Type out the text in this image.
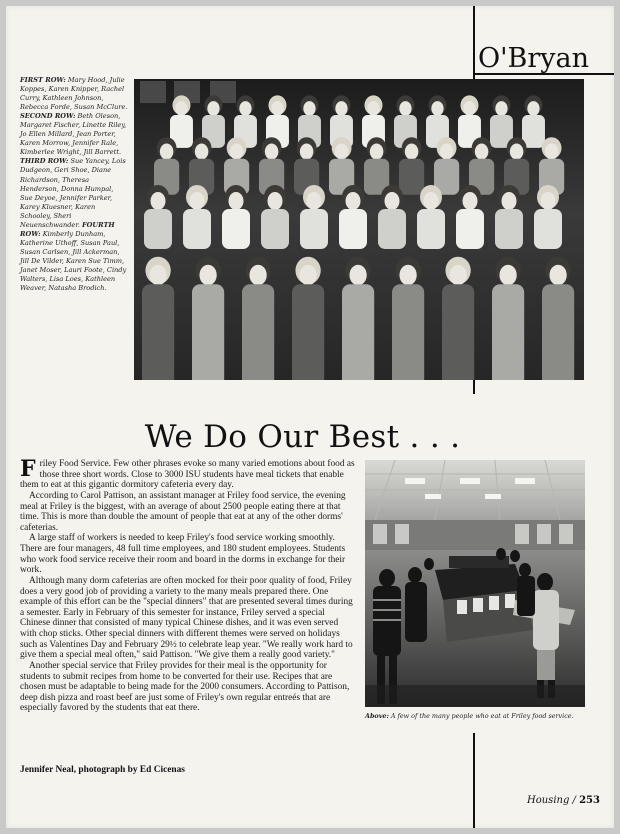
O'Bryan
FIRST ROW: Mary Hood, Julie Koppes, Karen Knipper, Rachel Curry, Kathleen Johnson, Rebecca Forde, Susan McClure. SECOND ROW: Beth Oleson, Margaret Fischer, Linette Riley, Jo Ellen Millard, Jean Porter, Karen Morrow, Jennifer Rale, Kimberlee Wright, Jill Barrett. THIRD ROW: Sue Yancey, Lois Dudgeon, Geri Shoe, Diane Richardson, Theresa Henderson, Donna Humpal, Sue Deyoe, Jennifer Parker, Karey Kluesner, Karen Schooley, Sheri Neuenschwander. FOURTH ROW: Kimberly Dunham, Katherine Uthoff, Susan Paul, Susan Carlsen, Jill Ackerman, Jill De Vilder, Karen Sue Timm, Janet Moser, Lauri Foote, Cindy Walters, Lisa Loes, Kathleen Weaver, Natasha Brodich.
We Do Our Best . . .

Friley Food Service. Few other phrases evoke so many varied emotions about food as those three short words. Close to 3000 ISU students have meal tickets that enable them to eat at this gigantic dormitory cafeteria every day.

According to Carol Pattison, an assistant manager at Friley food service, the evening meal at Friley is the biggest, with an average of about 2500 people eating there at that time. This is more than double the amount of people that eat at any of the other dorms' cafeterias.

A large staff of workers is needed to keep Friley's food service working smoothly. There are four managers, 48 full time employees, and 180 student employees. Students who work food service receive their room and board in the dorms in exchange for their work.

Although many dorm cafeterias are often mocked for their poor quality of food, Friley does a very good job of providing a variety to the many meals prepared there. One example of this effort can be the "special dinners" that are presented several times during a semester. Early in February of this semester for instance, Friley served a special Chinese dinner that consisted of many typical Chinese dishes, and it was even served with chop sticks. Other special dinners with different themes were served on holidays such as Valentines Day and February 29½ to celebrate leap year. "We really work hard to give them a special meal often," said Pattison. "We give them a really good variety."

Another special service that Friley provides for their meal is the opportunity for students to submit recipes from home to be converted for their use. Recipes that are chosen must be adaptable to being made for the 2000 consumers. According to Pattison, deep dish pizza and roast beef are just some of Friley's own regular entreés that are especially favored by the students that eat there.

Above: A few of the many people who eat at Friley food service.
Jennifer Neal, photograph by Ed Cicenas
Housing / 253
